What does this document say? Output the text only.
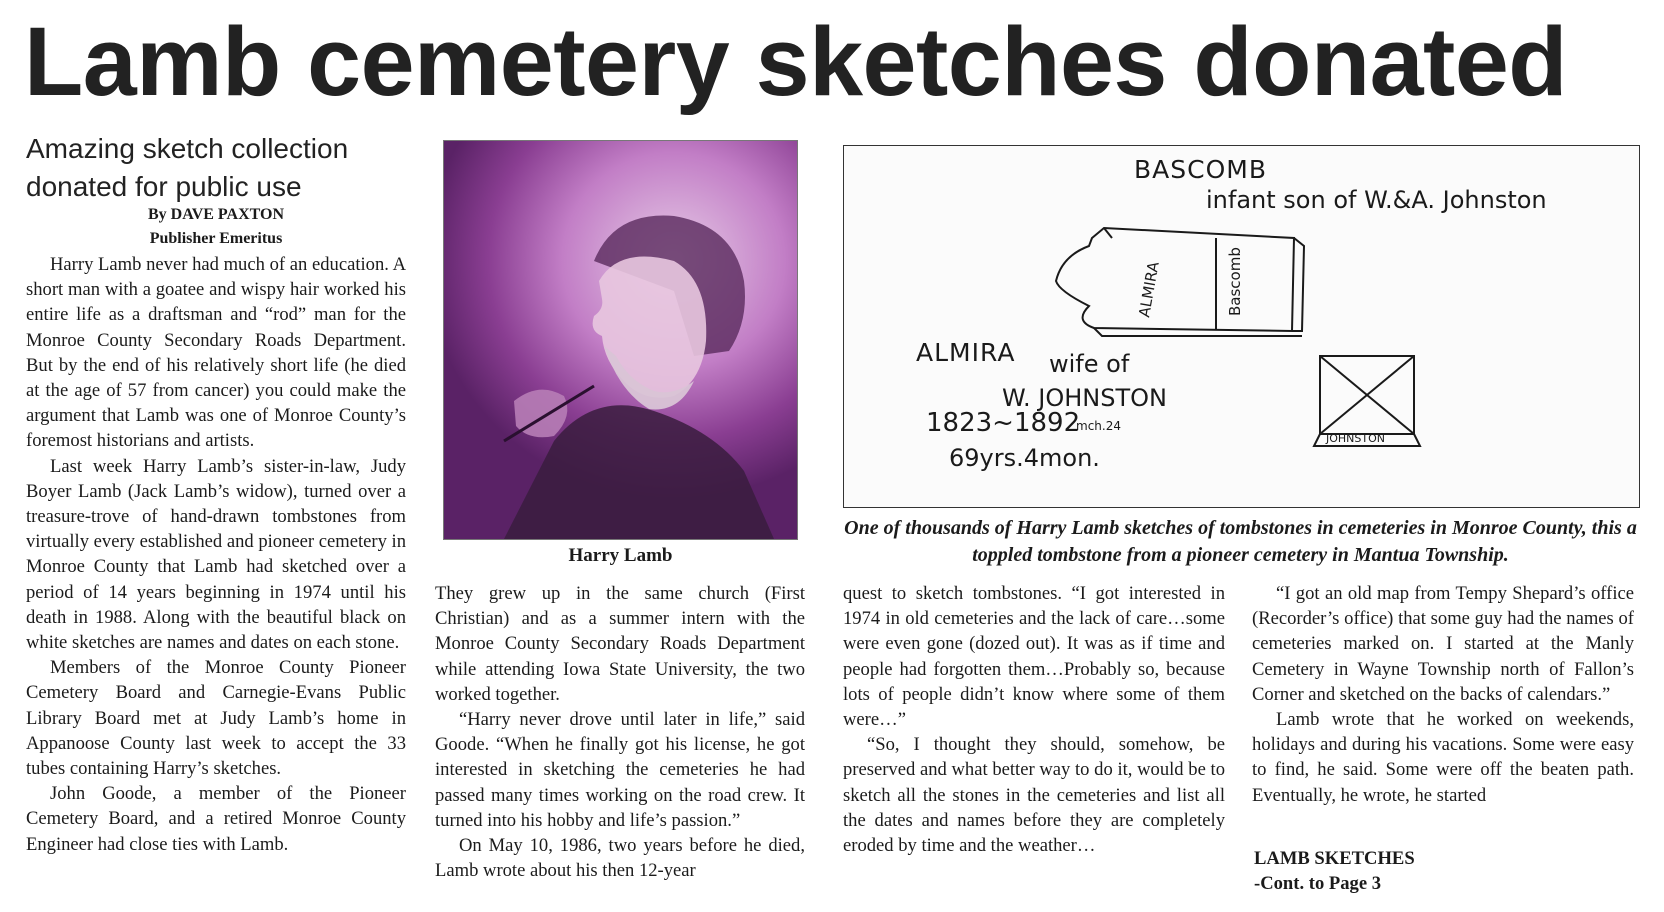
Lamb cemetery sketches donated
Amazing sketch collection donated for public use
By DAVE PAXTON
Publisher Emeritus

Harry Lamb never had much of an education. A short man with a goatee and wispy hair worked his entire life as a draftsman and “rod” man for the Monroe County Secondary Roads Department. But by the end of his relatively short life (he died at the age of 57 from cancer) you could make the argument that Lamb was one of Monroe County’s foremost historians and artists.

Last week Harry Lamb’s sister-in-law, Judy Boyer Lamb (Jack Lamb’s widow), turned over a treasure-trove of hand-drawn tombstones from virtually every established and pioneer cemetery in Monroe County that Lamb had sketched over a period of 14 years beginning in 1974 until his death in 1988. Along with the beautiful black on white sketches are names and dates on each stone.

Members of the Monroe County Pioneer Cemetery Board and Carnegie-Evans Public Library Board met at Judy Lamb’s home in Appanoose County last week to accept the 33 tubes containing Harry’s sketches.

John Goode, a member of the Pioneer Cemetery Board, and a retired Monroe County Engineer had close ties with Lamb.

Harry Lamb

They grew up in the same church (First Christian) and as a summer intern with the Monroe County Secondary Roads Department while attending Iowa State University, the two worked together.

“Harry never drove until later in life,” said Goode. “When he finally got his license, he got interested in sketching the cemeteries he had passed many times working on the road crew. It turned into his hobby and life’s passion.”

On May 10, 1986, two years before he died, Lamb wrote about his then 12-year

BASCOMB
infant son of W.&A. Johnston
ALMIRA	Bascomb
ALMIRA wife of
W. JOHNSTON
1823~1892
mch.24
69yrs.4mon.
JOHNSTON
One of thousands of Harry Lamb sketches of tombstones in cemeteries in Monroe County, this a toppled tombstone from a pioneer cemetery in Mantua Township.

quest to sketch tombstones. “I got interested in 1974 in old cemeteries and the lack of care…some were even gone (dozed out). It was as if time and people had forgotten them…Probably so, because lots of people didn’t know where some of them were…”

“So, I thought they should, somehow, be preserved and what better way to do it, would be to sketch all the stones in the cemeteries and list all the dates and names before they are completely eroded by time and the weather…

“I got an old map from Tempy Shepard’s office (Recorder’s office) that some guy had the names of cemeteries marked on. I started at the Manly Cemetery in Wayne Township north of Fallon’s Corner and sketched on the backs of calendars.”

Lamb wrote that he worked on weekends, holidays and during his vacations. Some were easy to find, he said. Some were off the beaten path. Eventually, he wrote, he started

LAMB SKETCHES
-Cont. to Page 3
